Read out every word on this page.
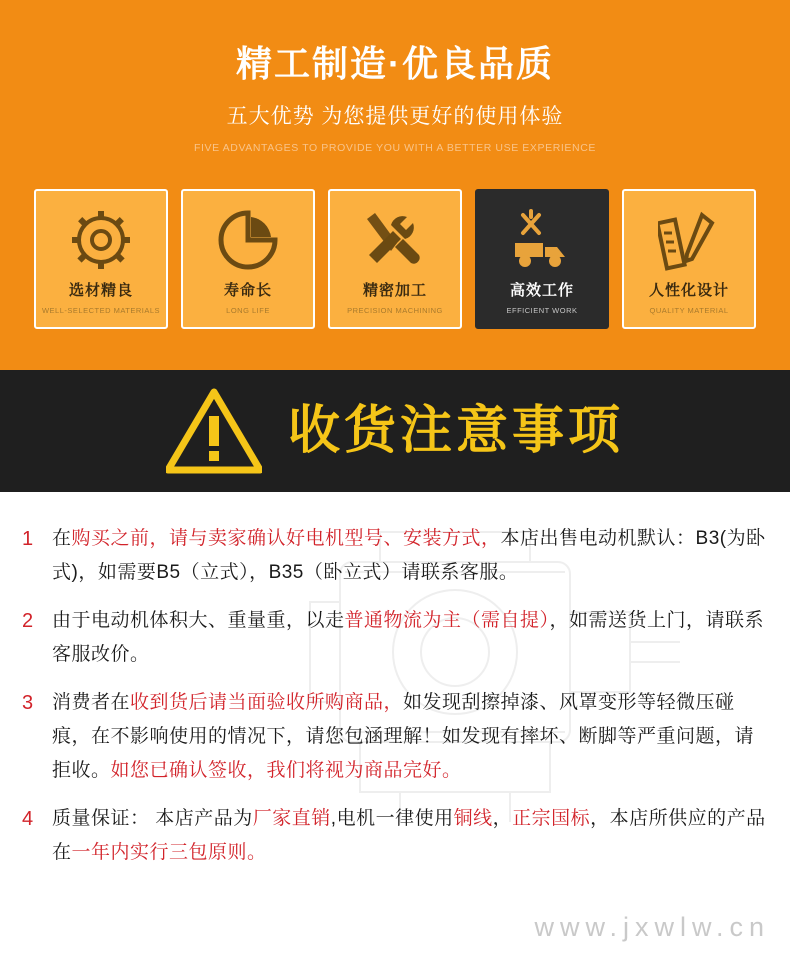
精工制造·优良品质
五大优势 为您提供更好的使用体验
FIVE ADVANTAGES TO PROVIDE YOU WITH A BETTER USE EXPERIENCE
选材精良
WELL-SELECTED MATERIALS
寿命长
LONG LIFE
精密加工
PRECISION MACHINING
高效工作
EFFICIENT WORK
人性化设计
QUALITY MATERIAL
收货注意事项
1 在购买之前，请与卖家确认好电机型号、安装方式，本店出售电动机默认：B3(为卧式)，如需要B5（立式），B35（卧立式）请联系客服。
2 由于电动机体积大、重量重，以走普通物流为主（需自提），如需送货上门，请联系客服改价。
3 消费者在收到货后请当面验收所购商品，如发现刮擦掉漆、风罩变形等轻微压碰痕，在不影响使用的情况下，请您包涵理解！如发现有摔坏、断脚等严重问题，请拒收。如您已确认签收，我们将视为商品完好。
4 质量保证： 本店产品为厂家直销,电机一律使用铜线，正宗国标，本店所供应的产品在一年内实行三包原则。
www.jxwlw.cn
